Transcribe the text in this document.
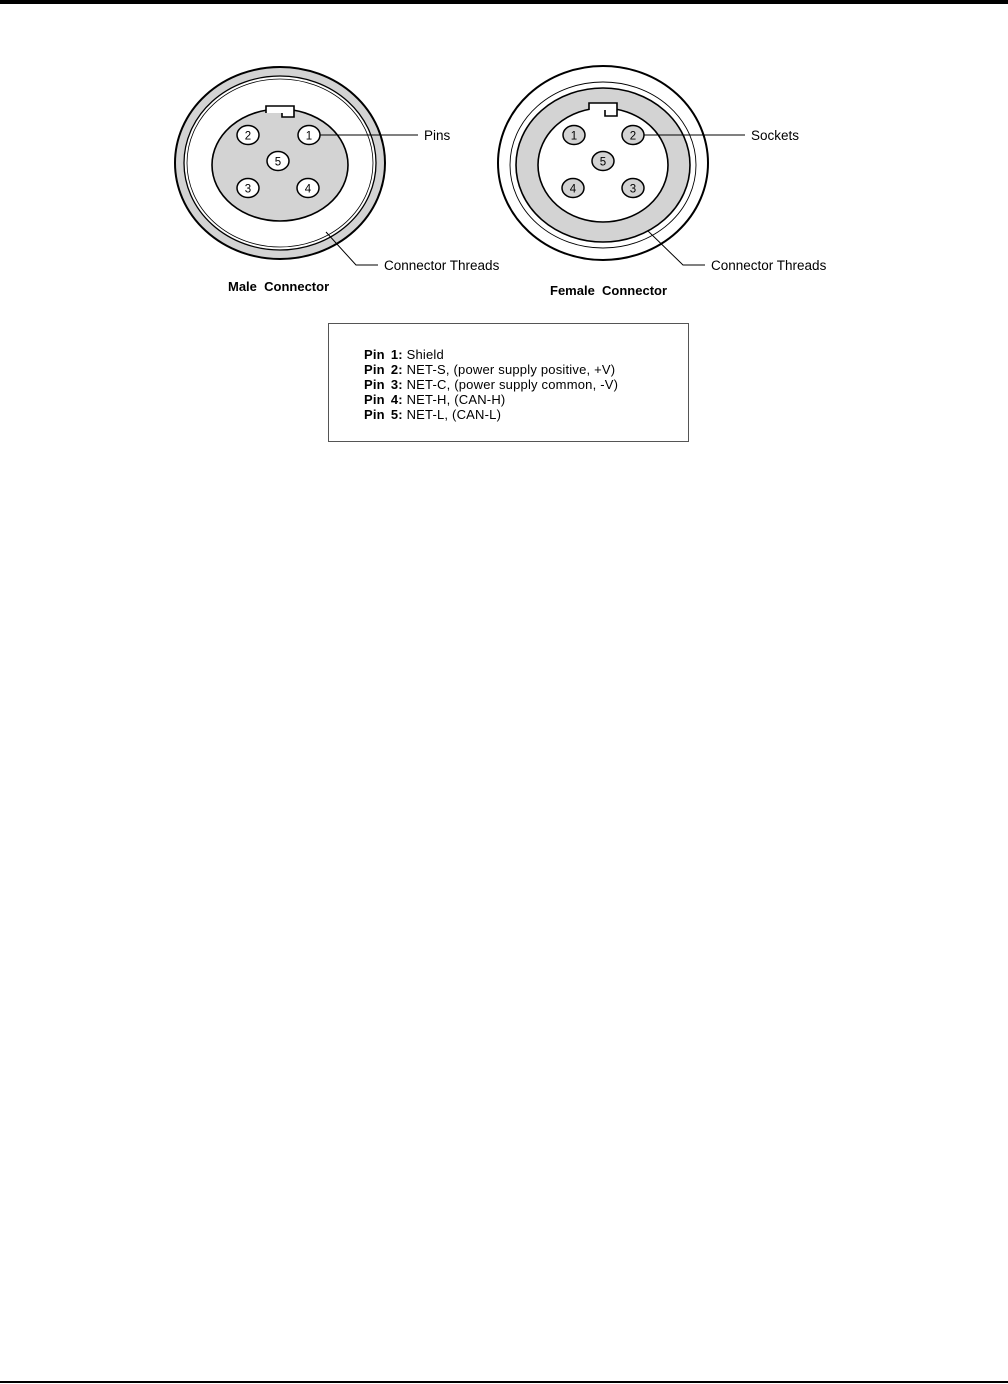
1
2
5
3	4
Pins
Connector Threads
Male  Connector
1	2
5
4	3
Sockets
Connector Threads
Female  Connector
Pin 1: Shield
Pin 2: NET-S, (power supply positive, +V)
Pin 3: NET-C, (power supply common, -V)
Pin 4: NET-H, (CAN-H)
Pin 5: NET-L, (CAN-L)
